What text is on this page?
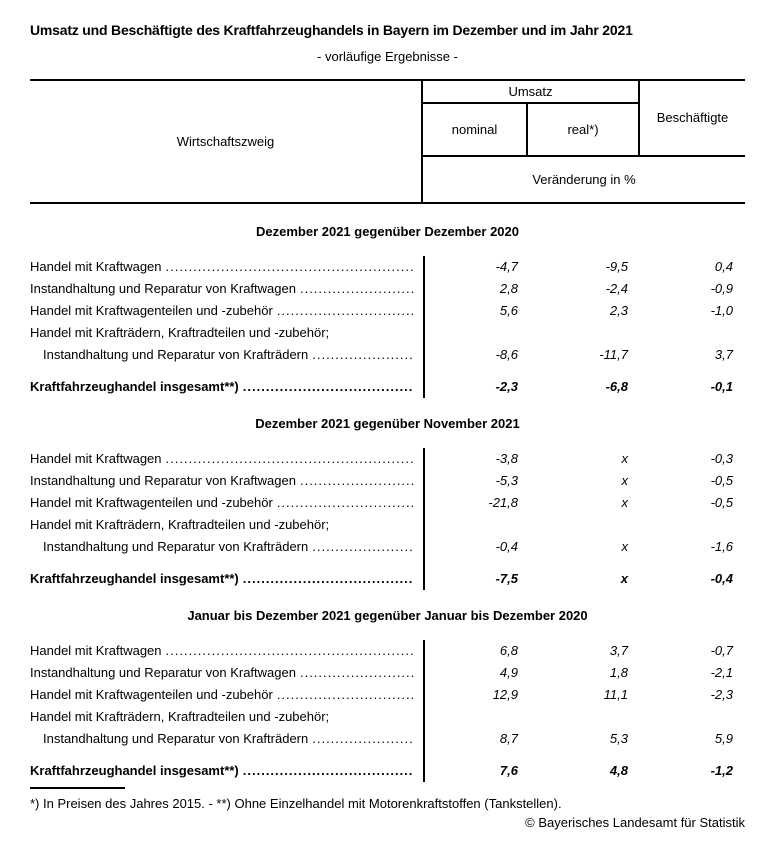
Umsatz und Beschäftigte des Kraftfahrzeughandels in Bayern im Dezember und im Jahr 2021
- vorläufige Ergebnisse -
Wirtschaftszweig
Umsatz
Beschäftigte
nominal	real*)
Veränderung in %
Dezember 2021 gegenüber Dezember 2020
Handel mit Kraftwagen .....	-4,7	-9,5	0,4
Instandhaltung und Reparatur von Kraftwagen .....	2,8	-2,4	-0,9
Handel mit Kraftwagenteilen und -zubehör .....	5,6	2,3	-1,0
Handel mit Krafträdern, Kraftradteilen und -zubehör;
Instandhaltung und Reparatur von Krafträdern .....	-8,6	-11,7	3,7
Kraftfahrzeughandel insgesamt**) .....	-2,3	-6,8	-0,1
Dezember 2021 gegenüber November 2021
Handel mit Kraftwagen .....	-3,8	x	-0,3
Instandhaltung und Reparatur von Kraftwagen .....	-5,3	x	-0,5
Handel mit Kraftwagenteilen und -zubehör .....	-21,8	x	-0,5
Handel mit Krafträdern, Kraftradteilen und -zubehör;
Instandhaltung und Reparatur von Krafträdern .....	-0,4	x	-1,6
Kraftfahrzeughandel insgesamt**) .....	-7,5	x	-0,4
Januar bis Dezember 2021 gegenüber Januar bis Dezember 2020
Handel mit Kraftwagen .....	6,8	3,7	-0,7
Instandhaltung und Reparatur von Kraftwagen .....	4,9	1,8	-2,1
Handel mit Kraftwagenteilen und -zubehör .....	12,9	11,1	-2,3
Handel mit Krafträdern, Kraftradteilen und -zubehör;
Instandhaltung und Reparatur von Krafträdern .....	8,7	5,3	5,9
Kraftfahrzeughandel insgesamt**) .....	7,6	4,8	-1,2
*) In Preisen des Jahres 2015. - **) Ohne Einzelhandel mit Motorenkraftstoffen (Tankstellen).
© Bayerisches Landesamt für Statistik
